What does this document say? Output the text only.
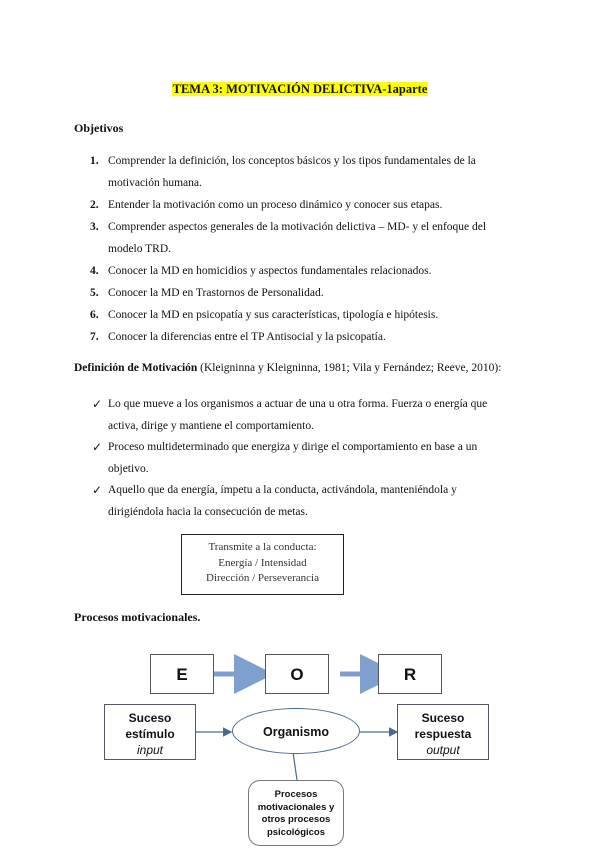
TEMA 3: MOTIVACIÓN DELICTIVA-1aparte
Objetivos
1. Comprender la definición, los conceptos básicos y los tipos fundamentales de la
motivación humana.
2. Entender la motivación como un proceso dinámico y conocer sus etapas.
3. Comprender aspectos generales de la motivación delictiva – MD- y el enfoque del
modelo TRD.
4. Conocer la MD en homicidios y aspectos fundamentales relacionados.
5. Conocer la MD en Trastornos de Personalidad.
6. Conocer la MD en psicopatía y sus características, tipología e hipótesis.
7. Conocer la diferencias entre el TP Antisocial y la psicopatía.
Definición de Motivación (Kleigninna y Kleigninna, 1981; Vila y Fernández; Reeve, 2010):
✓ Lo que mueve a los organismos a actuar de una u otra forma. Fuerza o energía que
activa, dirige y mantiene el comportamiento.
✓ Proceso multideterminado que energiza y dirige el comportamiento en base a un
objetivo.
✓ Aquello que da energía, ímpetu a la conducta, activándola, manteniéndola y
dirigiéndola hacia la consecución de metas.
Transmite a la conducta:
Energía / Intensidad
Dirección / Perseverancia
Procesos motivacionales.
E	O	R
Suceso
estímulo
input
Organismo
Suceso
respuesta
output
Procesos
motivacionales y
otros procesos
psicológicos
